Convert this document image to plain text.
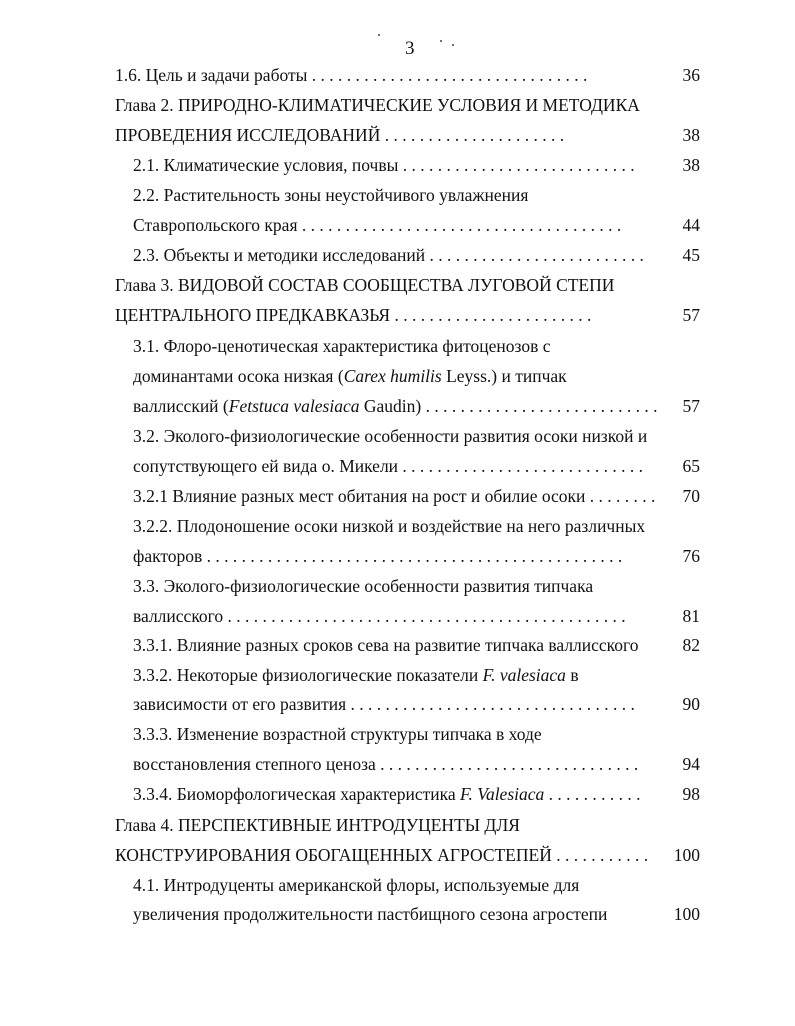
3
1.6. Цель и задачи работы . . . . . . . . . . . . . . . . . . . . . . . . . . . . . . . .	36
Глава 2. ПРИРОДНО-КЛИМАТИЧЕСКИЕ УСЛОВИЯ И МЕТОДИКА
ПРОВЕДЕНИЯ ИССЛЕДОВАНИЙ . . . . . . . . . . . . . . . . . . . . .	38
2.1. Климатические условия, почвы . . . . . . . . . . . . . . . . . . . . . . . . . . .	38
2.2. Растительность зоны неустойчивого увлажнения
Ставропольского края . . . . . . . . . . . . . . . . . . . . . . . . . . . . . . . . . . . . .	44
2.3. Объекты и методики исследований . . . . . . . . . . . . . . . . . . . . . . . . .	45
Глава 3. ВИДОВОЙ СОСТАВ СООБЩЕСТВА ЛУГОВОЙ СТЕПИ
ЦЕНТРАЛЬНОГО ПРЕДКАВКАЗЬЯ . . . . . . . . . . . . . . . . . . . . . . .	57
3.1. Флоро-ценотическая характеристика фитоценозов с
доминантами осока низкая (Carex humilis Leyss.) и типчак
валлисский (Fetstuca valesiaca Gaudin) . . . . . . . . . . . . . . . . . . . . . . . . . . .	57
3.2. Эколого-физиологические особенности развития осоки низкой и
сопутствующего ей вида о. Микели . . . . . . . . . . . . . . . . . . . . . . . . . . . .	65
3.2.1 Влияние разных мест обитания на рост и обилие осоки . . . . . . . .	70
3.2.2. Плодоношение осоки низкой и воздействие на него различных
факторов . . . . . . . . . . . . . . . . . . . . . . . . . . . . . . . . . . . . . . . . . . . . . . . .	76
3.3. Эколого-физиологические особенности развития типчака
валлисского . . . . . . . . . . . . . . . . . . . . . . . . . . . . . . . . . . . . . . . . . . . . . .	81
3.3.1. Влияние разных сроков сева на развитие типчака валлисского	82
3.3.2. Некоторые физиологические показатели F. valesiaca в
зависимости от его развития . . . . . . . . . . . . . . . . . . . . . . . . . . . . . . . . .	90
3.3.3. Изменение возрастной структуры типчака в ходе
восстановления степного ценоза . . . . . . . . . . . . . . . . . . . . . . . . . . . . . .	94
3.3.4. Биоморфологическая характеристика F. Valesiaca . . . . . . . . . . .	98
Глава 4. ПЕРСПЕКТИВНЫЕ ИНТРОДУЦЕНТЫ ДЛЯ
КОНСТРУИРОВАНИЯ ОБОГАЩЕННЫХ АГРОСТЕПЕЙ . . . . . . . . . . .	100
4.1. Интродуценты американской флоры, используемые для
увеличения продолжительности пастбищного сезона агростепи	100
